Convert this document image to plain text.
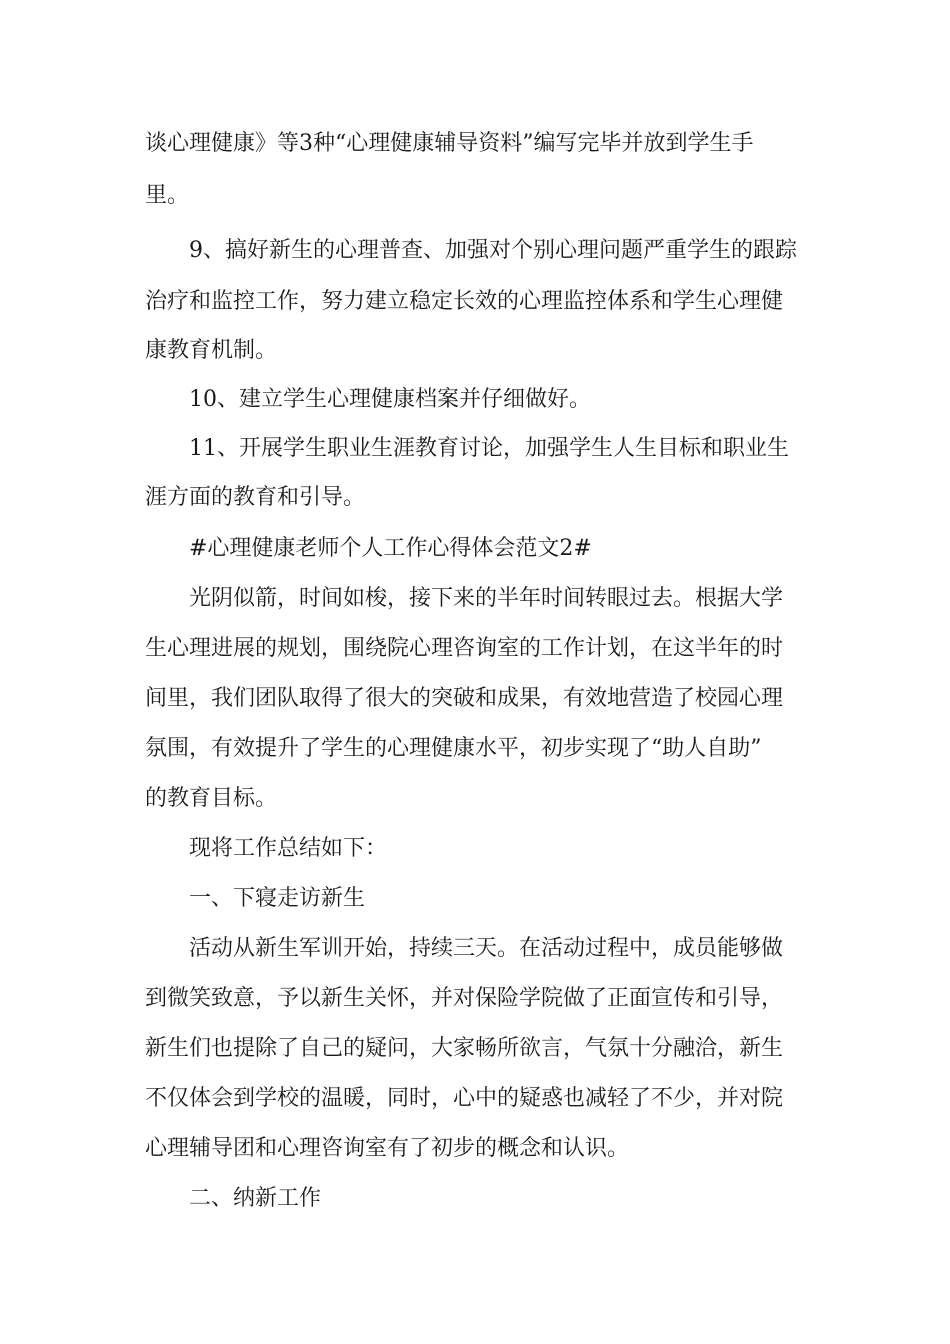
谈心理健康》等3种“心理健康辅导资料”编写完毕并放到学生手
里。
9、搞好新生的心理普查、加强对个别心理问题严重学生的跟踪
治疗和监控工作，努力建立稳定长效的心理监控体系和学生心理健
康教育机制。
10、建立学生心理健康档案并仔细做好。
11、开展学生职业生涯教育讨论，加强学生人生目标和职业生
涯方面的教育和引导。
#心理健康老师个人工作心得体会范文2#
光阴似箭，时间如梭，接下来的半年时间转眼过去。根据大学
生心理进展的规划，围绕院心理咨询室的工作计划，在这半年的时
间里，我们团队取得了很大的突破和成果，有效地营造了校园心理
氛围，有效提升了学生的心理健康水平，初步实现了“助人自助”
的教育目标。
现将工作总结如下：
一、下寝走访新生
活动从新生军训开始，持续三天。在活动过程中，成员能够做
到微笑致意，予以新生关怀，并对保险学院做了正面宣传和引导，
新生们也提除了自己的疑问，大家畅所欲言，气氛十分融洽，新生
不仅体会到学校的温暖，同时，心中的疑惑也减轻了不少，并对院
心理辅导团和心理咨询室有了初步的概念和认识。
二、纳新工作
